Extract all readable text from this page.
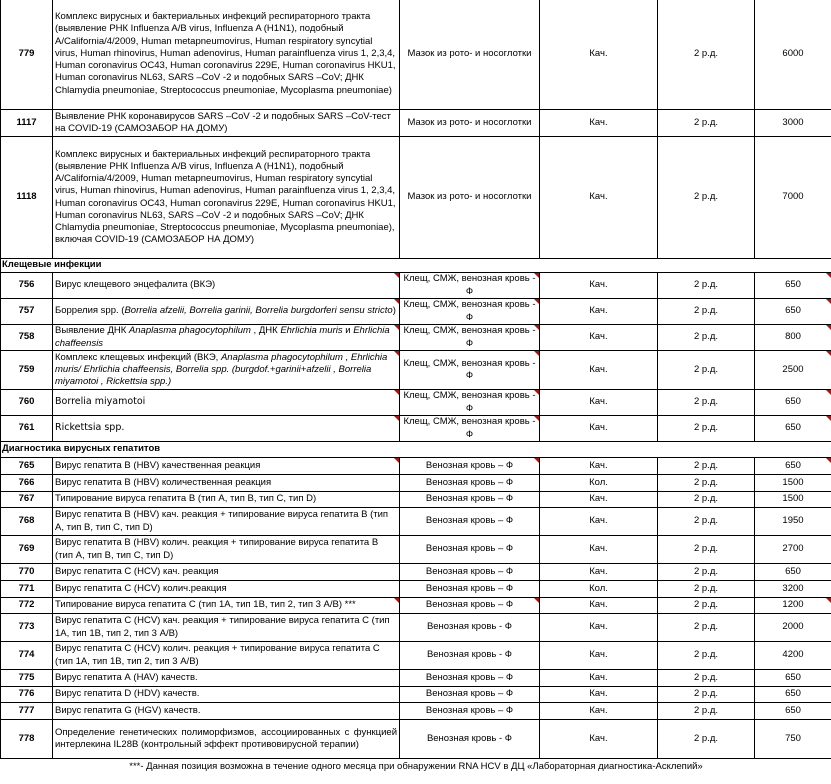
779	Комплекс вирусных и бактериальных инфекций респираторного тракта (выявление РНК Influenza A/B virus, Influenza A (H1N1), подобный A/California/4/2009, Human metapneumovirus, Human respiratory syncytial virus, Human rhinovirus, Human adenovirus, Human parainfluenza virus 1, 2,3,4, Human coronavirus OC43, Human coronavirus 229E, Human coronavirus HKU1, Human coronavirus NL63, SARS –CoV -2 и подобных SARS –CoV; ДНК Chlamydia pneumoniae, Streptococcus pneumoniae, Mycoplasma pneumoniae)	Мазок из рото- и носоглотки	Кач.	2 р.д.	6000
1117	Выявление РНК коронавирусов SARS –CoV -2 и подобных SARS –CoV-тест на COVID-19 (САМОЗАБОР НА ДОМУ)	Мазок из рото- и носоглотки	Кач.	2 р.д.	3000
1118	Комплекс вирусных и бактериальных инфекций респираторного тракта (выявление РНК Influenza A/B virus, Influenza A (H1N1), подобный A/California/4/2009, Human metapneumovirus, Human respiratory syncytial virus, Human rhinovirus, Human adenovirus, Human parainfluenza virus 1, 2,3,4, Human coronavirus OC43, Human coronavirus 229E, Human coronavirus HKU1, Human coronavirus NL63, SARS –CoV -2 и подобных SARS –CoV; ДНК Chlamydia pneumoniae, Streptococcus pneumoniae, Mycoplasma pneumoniae), включая COVID-19 (САМОЗАБОР НА ДОМУ)	Мазок из рото- и носоглотки	Кач.	2 р.д.	7000
Клещевые инфекции					
756	Вирус клещевого энцефалита (ВКЭ)	Клещ, СМЖ, венозная кровь - Ф	Кач.	2 р.д.	650
757	Боррелия spp. (Borrelia afzelii, Borrelia garinii, Borrelia burgdorferi sensu stricto)	Клещ, СМЖ, венозная кровь - Ф	Кач.	2 р.д.	650
758	Выявление ДНК Anaplasma phagocytophilum , ДНК Ehrlichia muris и Ehrlichia chaffeensis	Клещ, СМЖ, венозная кровь - Ф	Кач.	2 р.д.	800
759	Комплекс клещевых инфекций (ВКЭ, Anaplasma phagocytophilum , Ehrlichia muris/ Ehrlichia chaffeensis, Borrelia spp. (burgdof.+garinii+afzelii , Borrelia miyamotoi , Rickettsia spp.)	Клещ, СМЖ, венозная кровь - Ф	Кач.	2 р.д.	2500
760	Borrelia miyamotoi	Клещ, СМЖ, венозная кровь - Ф	Кач.	2 р.д.	650
761	Rickettsia spp.	Клещ, СМЖ, венозная кровь - Ф	Кач.	2 р.д.	650
Диагностика вирусных гепатитов					
765	Вирус гепатита В (HBV) качественная реакция	Венозная кровь – Ф	Кач.	2 р.д.	650
766	Вирус гепатита В (HBV) количественная реакция	Венозная кровь – Ф	Кол.	2 р.д.	1500
767	Типирование вируса гепатита В (тип А, тип В, тип С, тип D)	Венозная кровь – Ф	Кач.	2 р.д.	1500
768	Вирус гепатита В (HBV) кач. реакция + типирование вируса гепатита В (тип А, тип В, тип С, тип D)	Венозная кровь – Ф	Кач.	2 р.д.	1950
769	Вирус гепатита В (HBV) колич. реакция + типирование вируса гепатита В (тип А, тип В, тип С, тип D)	Венозная кровь – Ф	Кач.	2 р.д.	2700
770	Вирус гепатита С (HCV) кач. реакция	Венозная кровь – Ф	Кач.	2 р.д.	650
771	Вирус гепатита С (HCV) колич.реакция	Венозная кровь – Ф	Кол.	2 р.д.	3200
772	Типирование вируса гепатита С (тип 1А, тип 1В, тип 2, тип 3 А/В) ***	Венозная кровь – Ф	Кач.	2 р.д.	1200
773	Вирус гепатита С (HCV) кач. реакция + типирование вируса гепатита С (тип 1А, тип 1В, тип 2, тип 3 А/В)	Венозная кровь - Ф	Кач.	2 р.д.	2000
774	Вирус гепатита С (HCV) колич. реакция + типирование вируса гепатита С (тип 1А, тип 1В, тип 2, тип 3 А/В)	Венозная кровь - Ф	Кач.	2 р.д.	4200
775	Вирус гепатита А (HAV) качеств.	Венозная кровь – Ф	Кач.	2 р.д.	650
776	Вирус гепатита D (HDV) качеств.	Венозная кровь – Ф	Кач.	2 р.д.	650
777	Вирус гепатита G (HGV) качеств.	Венозная кровь – Ф	Кач.	2 р.д.	650
778	Определение генетических полиморфизмов, ассоциированных с функцией интерлекина IL28B (контрольный эффект противовирусной терапии)	Венозная кровь - Ф	Кач.	2 р.д.	750
***- Данная позиция возможна в течение одного месяца при обнаружении RNA HCV в ДЦ «Лабораторная диагностика-Асклепий»					
